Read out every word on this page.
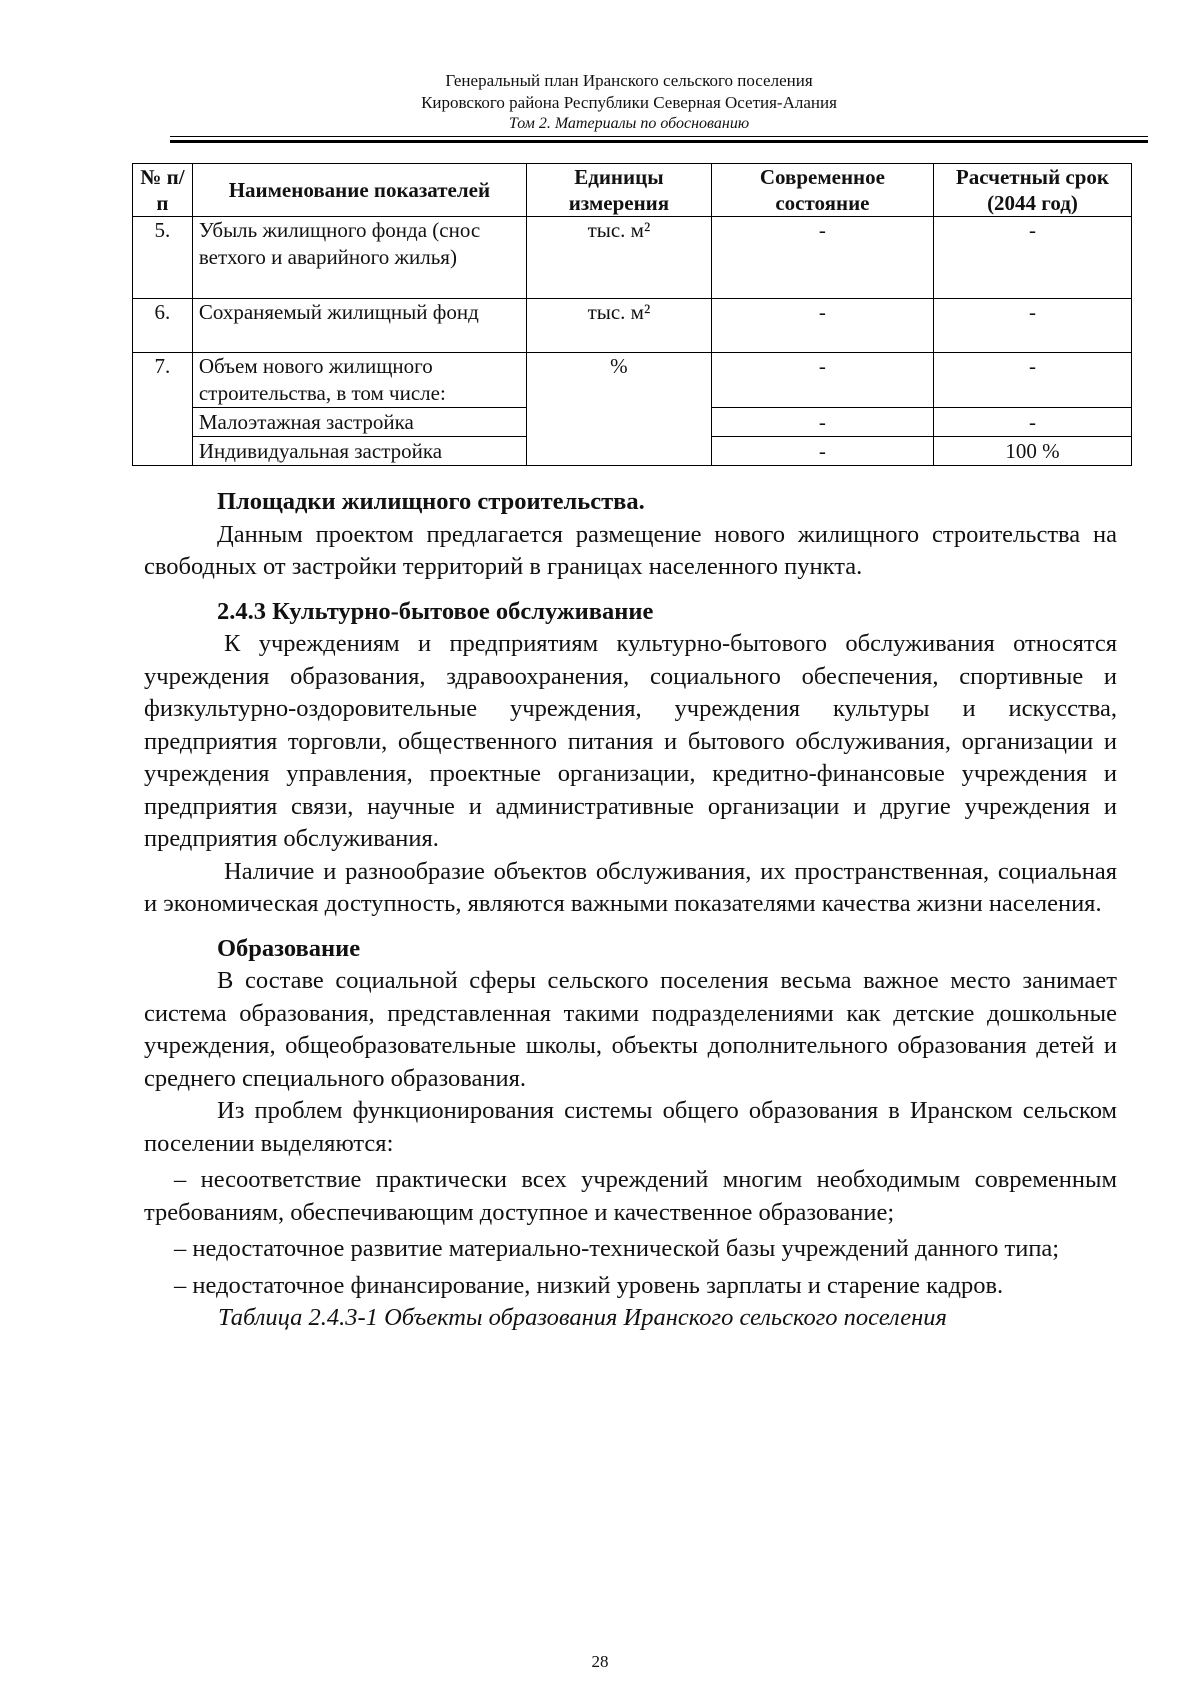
Генеральный план Иранского сельского поселения
Кировского района Республики Северная Осетия-Алания
Том 2. Материалы по обоснованию
№ п/п	Наименование показателей	Единицы измерения	Современное состояние	Расчетный срок (2044 год)
5.	Убыль жилищного фонда (снос ветхого и аварийного жилья)	тыс. м²	-	-
6.	Сохраняемый жилищный фонд	тыс. м²	-	-
7.	Объем нового жилищного строительства, в том числе:	%	-	-
	Малоэтажная застройка		-	-
	Индивидуальная застройка		-	100 %

Площадки жилищного строительства.

Данным проектом предлагается размещение нового жилищного строительства на свободных от застройки территорий в границах населенного пункта.

2.4.3 Культурно-бытовое обслуживание

К учреждениям и предприятиям культурно-бытового обслуживания относятся учреждения образования, здравоохранения, социального обеспечения, спортивные и физкультурно-оздоровительные учреждения, учреждения культуры и искусства, предприятия торговли, общественного питания и бытового обслуживания, организации и учреждения управления, проектные организации, кредитно-финансовые учреждения и предприятия связи, научные и административные организации и другие учреждения и предприятия обслуживания.

Наличие и разнообразие объектов обслуживания, их пространственная, социальная и экономическая доступность, являются важными показателями качества жизни населения.

Образование

В составе социальной сферы сельского поселения весьма важное место занимает система образования, представленная такими подразделениями как детские дошкольные учреждения, общеобразовательные школы, объекты дополнительного образования детей и среднего специального образования.

Из проблем функционирования системы общего образования в Иранском сельском поселении выделяются:

– несоответствие практически всех учреждений многим необходимым современным требованиям, обеспечивающим доступное и качественное образование;

– недостаточное развитие материально-технической базы учреждений данного типа;

– недостаточное финансирование, низкий уровень зарплаты и старение кадров.

Таблица 2.4.3-1 Объекты образования Иранского сельского поселения

28
